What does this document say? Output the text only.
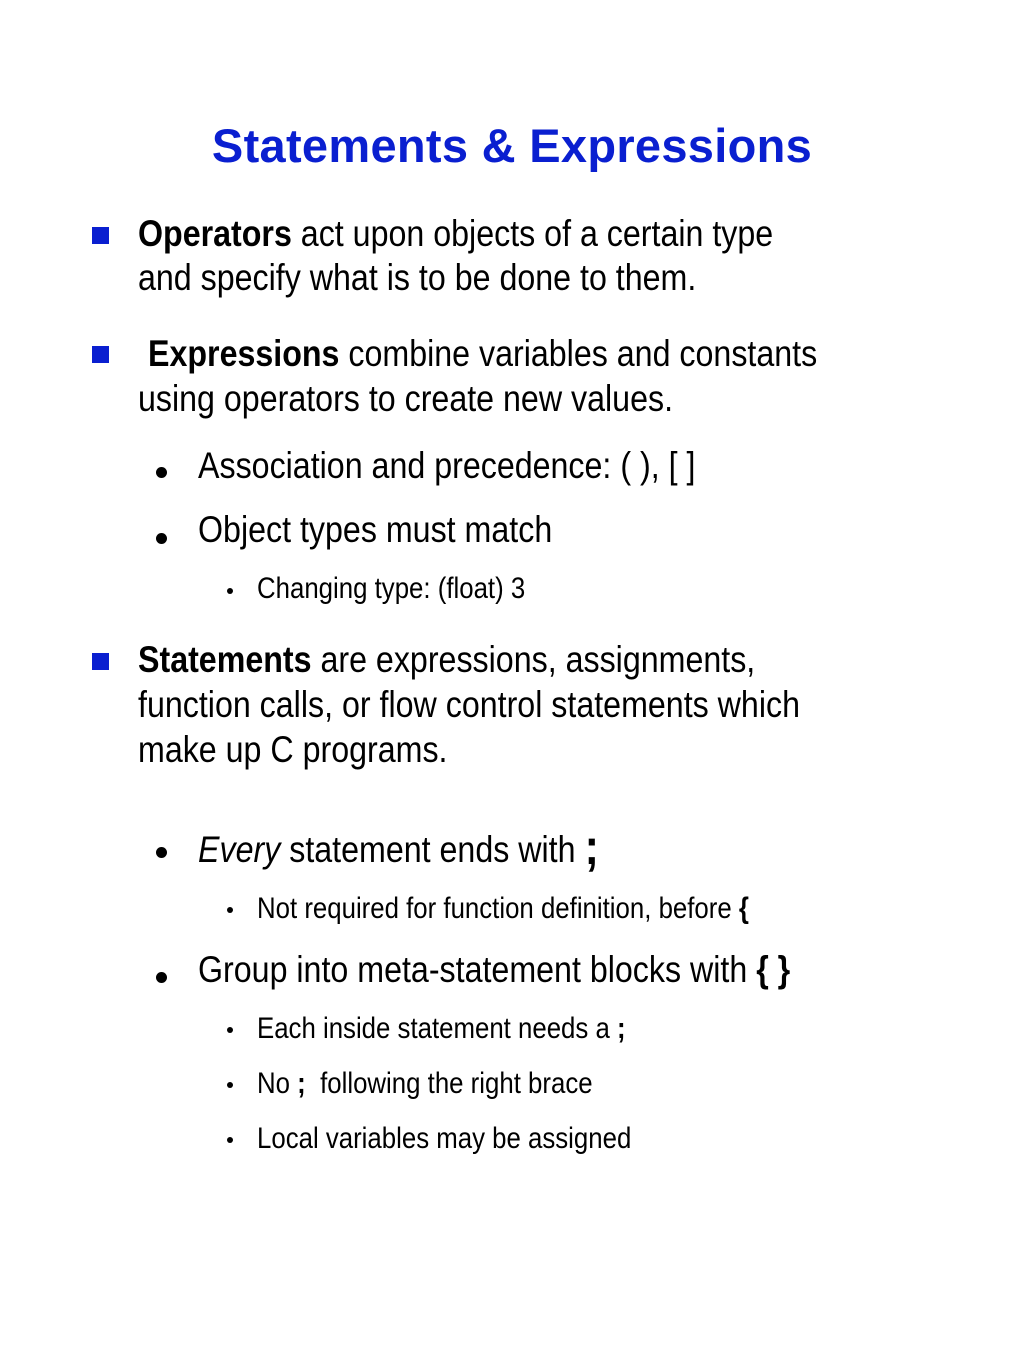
Statements & Expressions
Operators act upon objects of a certain type
and specify what is to be done to them.
Expressions combine variables and constants
using operators to create new values.
Association and precedence: ( ), [ ]
Object types must match
Changing type: (float) 3
Statements are expressions, assignments,
function calls, or flow control statements which
make up C programs.
Every statement ends with ;
Not required for function definition, before {
Group into meta-statement blocks with { }
Each inside statement needs a ;
No ;  following the right brace
Local variables may be assigned
